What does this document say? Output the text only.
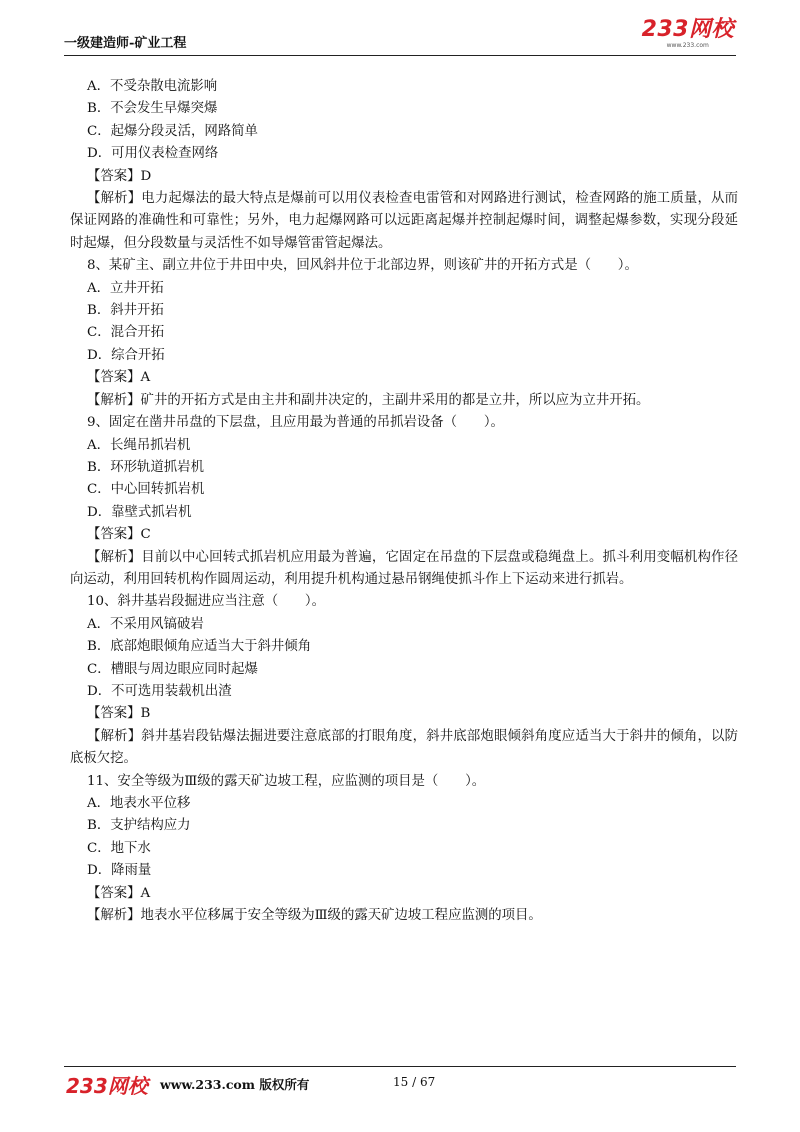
一级建造师-矿业工程
233网校
www.233.com

A．不受杂散电流影响

B．不会发生早爆突爆

C．起爆分段灵活，网路简单

D．可用仪表检查网络

【答案】D

【解析】电力起爆法的最大特点是爆前可以用仪表检查电雷管和对网路进行测试，检查网路的施工质量，从而保证网路的准确性和可靠性；另外，电力起爆网路可以远距离起爆并控制起爆时间，调整起爆参数，实现分段延时起爆，但分段数量与灵活性不如导爆管雷管起爆法。

8、某矿主、副立井位于井田中央，回风斜井位于北部边界，则该矿井的开拓方式是（　　）。

A．立井开拓

B．斜井开拓

C．混合开拓

D．综合开拓

【答案】A

【解析】矿井的开拓方式是由主井和副井决定的，主副井采用的都是立井，所以应为立井开拓。

9、固定在凿井吊盘的下层盘，且应用最为普通的吊抓岩设备（　　）。

A．长绳吊抓岩机

B．环形轨道抓岩机

C．中心回转抓岩机

D．靠壁式抓岩机

【答案】C

【解析】目前以中心回转式抓岩机应用最为普遍，它固定在吊盘的下层盘或稳绳盘上。抓斗利用变幅机构作径向运动，利用回转机构作圆周运动，利用提升机构通过悬吊钢绳使抓斗作上下运动来进行抓岩。

10、斜井基岩段掘进应当注意（　　）。

A．不采用风镐破岩

B．底部炮眼倾角应适当大于斜井倾角

C．槽眼与周边眼应同时起爆

D．不可选用装载机出渣

【答案】B

【解析】斜井基岩段钻爆法掘进要注意底部的打眼角度，斜井底部炮眼倾斜角度应适当大于斜井的倾角，以防底板欠挖。

11、安全等级为Ⅲ级的露天矿边坡工程，应监测的项目是（　　）。

A．地表水平位移

B．支护结构应力

C．地下水

D．降雨量

【答案】A

【解析】地表水平位移属于安全等级为Ⅲ级的露天矿边坡工程应监测的项目。

233网校 www.233.com 版权所有	15 / 67
